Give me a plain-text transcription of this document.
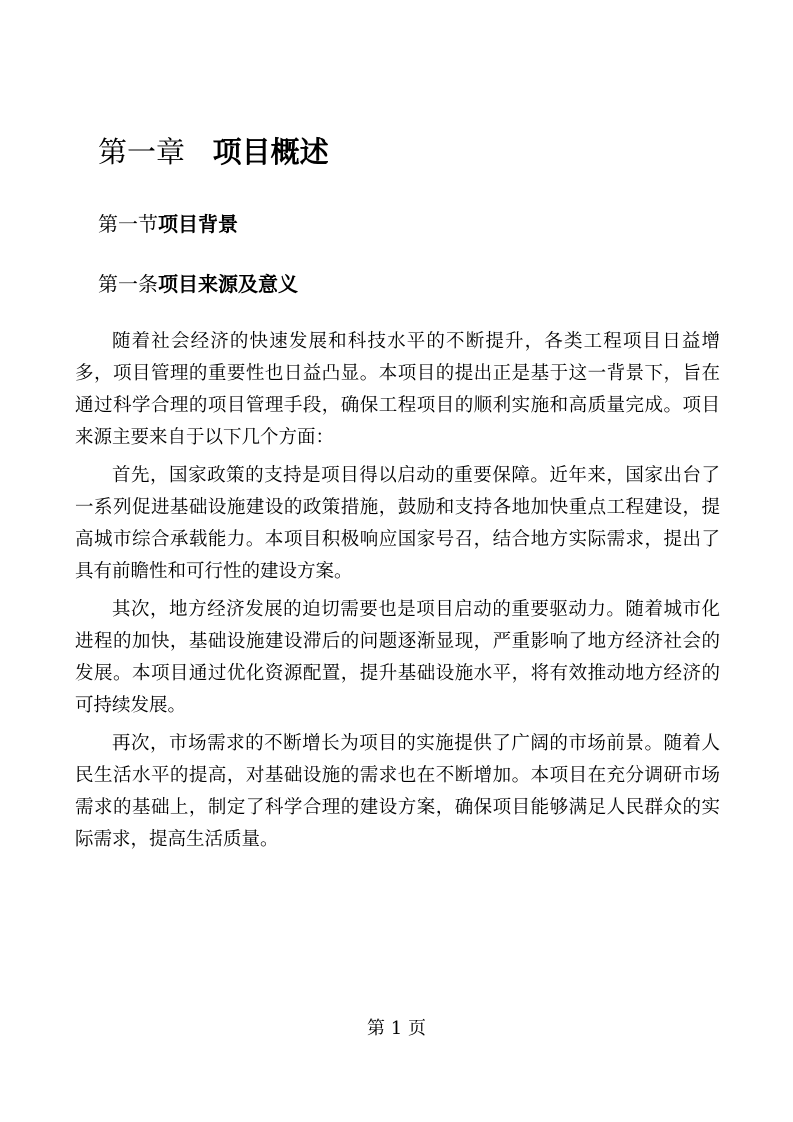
第一章 项目概述
第一节项目背景
第一条项目来源及意义

随着社会经济的快速发展和科技水平的不断提升，各类工程项目日益增多，项目管理的重要性也日益凸显。本项目的提出正是基于这一背景下，旨在通过科学合理的项目管理手段，确保工程项目的顺利实施和高质量完成。项目来源主要来自于以下几个方面：

首先，国家政策的支持是项目得以启动的重要保障。近年来，国家出台了一系列促进基础设施建设的政策措施，鼓励和支持各地加快重点工程建设，提高城市综合承载能力。本项目积极响应国家号召，结合地方实际需求，提出了具有前瞻性和可行性的建设方案。

其次，地方经济发展的迫切需要也是项目启动的重要驱动力。随着城市化进程的加快，基础设施建设滞后的问题逐渐显现，严重影响了地方经济社会的发展。本项目通过优化资源配置，提升基础设施水平，将有效推动地方经济的可持续发展。

再次，市场需求的不断增长为项目的实施提供了广阔的市场前景。随着人民生活水平的提高，对基础设施的需求也在不断增加。本项目在充分调研市场需求的基础上，制定了科学合理的建设方案，确保项目能够满足人民群众的实际需求，提高生活质量。

第 1 页
